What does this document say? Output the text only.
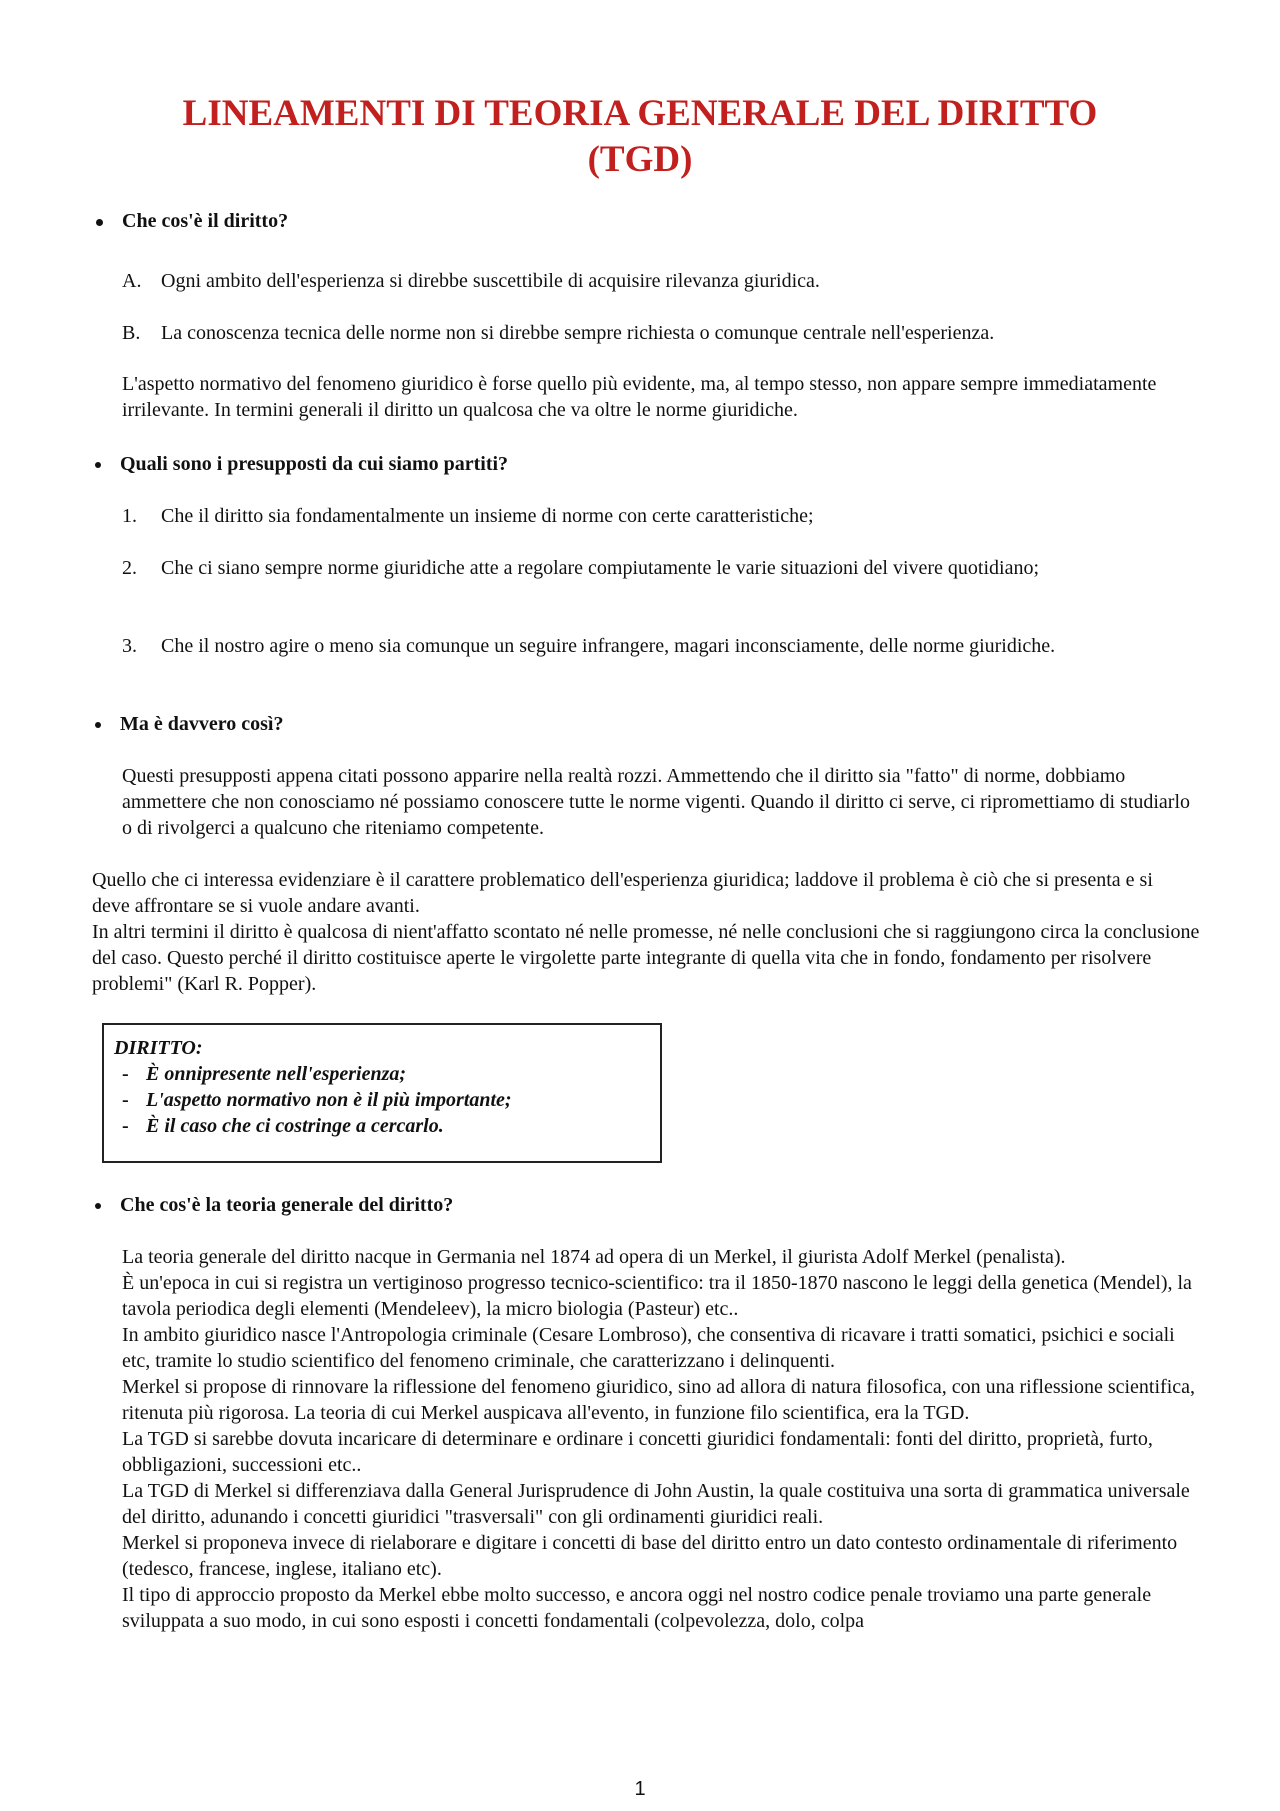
LINEAMENTI DI TEORIA GENERALE DEL DIRITTO
(TGD)

Che cos'è il diritto?

A. Ogni ambito dell'esperienza si direbbe suscettibile di acquisire rilevanza giuridica.

B. La conoscenza tecnica delle norme non si direbbe sempre richiesta o comunque centrale nell'esperienza.

L'aspetto normativo del fenomeno giuridico è forse quello più evidente, ma, al tempo stesso, non appare sempre immediatamente irrilevante. In termini generali il diritto un qualcosa che va oltre le norme giuridiche.

Quali sono i presupposti da cui siamo partiti?

1. Che il diritto sia fondamentalmente un insieme di norme con certe caratteristiche;

2. Che ci siano sempre norme giuridiche atte a regolare compiutamente le varie situazioni del vivere quotidiano;

3. Che il nostro agire o meno sia comunque un seguire infrangere, magari inconsciamente, delle norme giuridiche.

Ma è davvero così?

Questi presupposti appena citati possono apparire nella realtà rozzi. Ammettendo che il diritto sia "fatto" di norme, dobbiamo ammettere che non conosciamo né possiamo conoscere tutte le norme vigenti. Quando il diritto ci serve, ci ripromettiamo di studiarlo o di rivolgerci a qualcuno che riteniamo competente.

Quello che ci interessa evidenziare è il carattere problematico dell'esperienza giuridica; laddove il problema è ciò che si presenta e si deve affrontare se si vuole andare avanti.

In altri termini il diritto è qualcosa di nient'affatto scontato né nelle promesse, né nelle conclusioni che si raggiungono circa la conclusione del caso. Questo perché il diritto costituisce aperte le virgolette parte integrante di quella vita che in fondo, fondamento per risolvere problemi" (Karl R. Popper).

DIRITTO:
- È onnipresente nell'esperienza;
- L'aspetto normativo non è il più importante;
- È il caso che ci costringe a cercarlo.

Che cos'è la teoria generale del diritto?

La teoria generale del diritto nacque in Germania nel 1874 ad opera di un Merkel, il giurista Adolf Merkel (penalista).

È un'epoca in cui si registra un vertiginoso progresso tecnico-scientifico: tra il 1850-1870 nascono le leggi della genetica (Mendel), la tavola periodica degli elementi (Mendeleev), la micro biologia (Pasteur) etc..

In ambito giuridico nasce l'Antropologia criminale (Cesare Lombroso), che consentiva di ricavare i tratti somatici, psichici e sociali etc, tramite lo studio scientifico del fenomeno criminale, che caratterizzano i delinquenti.

Merkel si propose di rinnovare la riflessione del fenomeno giuridico, sino ad allora di natura filosofica, con una riflessione scientifica, ritenuta più rigorosa. La teoria di cui Merkel auspicava all'evento, in funzione filo scientifica, era la TGD.

La TGD si sarebbe dovuta incaricare di determinare e ordinare i concetti giuridici fondamentali: fonti del diritto, proprietà, furto, obbligazioni, successioni etc..

La TGD di Merkel si differenziava dalla General Jurisprudence di John Austin, la quale costituiva una sorta di grammatica universale del diritto, adunando i concetti giuridici "trasversali" con gli ordinamenti giuridici reali.

Merkel si proponeva invece di rielaborare e digitare i concetti di base del diritto entro un dato contesto ordinamentale di riferimento (tedesco, francese, inglese, italiano etc).

Il tipo di approccio proposto da Merkel ebbe molto successo, e ancora oggi nel nostro codice penale troviamo una parte generale sviluppata a suo modo, in cui sono esposti i concetti fondamentali (colpevolezza, dolo, colpa

1
